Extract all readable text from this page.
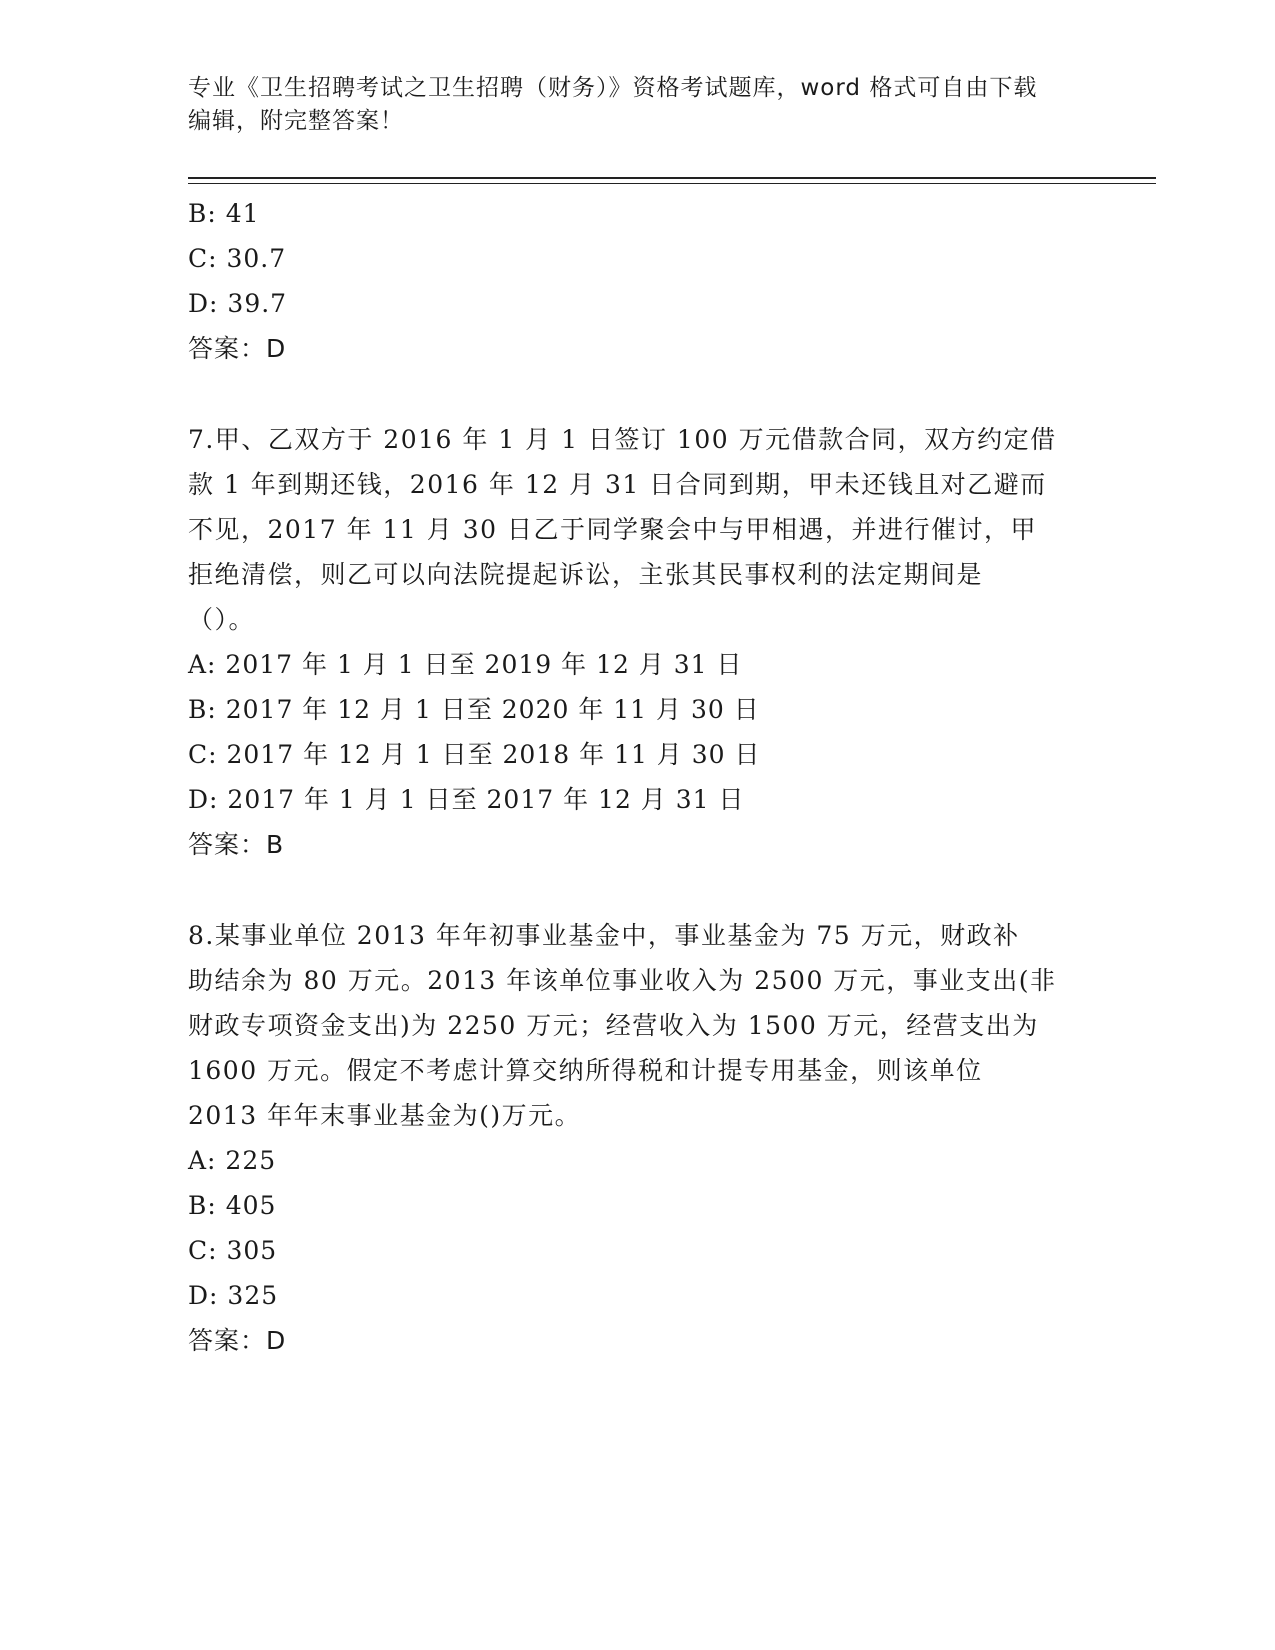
专业《卫生招聘考试之卫生招聘（财务）》资格考试题库，word 格式可自由下载
编辑，附完整答案！
B: 41
C: 30.7
D: 39.7
答案：D
7.甲、乙双方于 2016 年 1 月 1 日签订 100 万元借款合同，双方约定借
款 1 年到期还钱，2016 年 12 月 31 日合同到期，甲未还钱且对乙避而
不见，2017 年 11 月 30 日乙于同学聚会中与甲相遇，并进行催讨，甲
拒绝清偿，则乙可以向法院提起诉讼，主张其民事权利的法定期间是
（）。
A: 2017 年 1 月 1 日至 2019 年 12 月 31 日
B: 2017 年 12 月 1 日至 2020 年 11 月 30 日
C: 2017 年 12 月 1 日至 2018 年 11 月 30 日
D: 2017 年 1 月 1 日至 2017 年 12 月 31 日
答案：B
8.某事业单位 2013 年年初事业基金中，事业基金为 75 万元，财政补
助结余为 80 万元。2013 年该单位事业收入为 2500 万元，事业支出(非
财政专项资金支出)为 2250 万元；经营收入为 1500 万元，经营支出为
1600 万元。假定不考虑计算交纳所得税和计提专用基金，则该单位
2013 年年末事业基金为()万元。
A: 225
B: 405
C: 305
D: 325
答案：D
